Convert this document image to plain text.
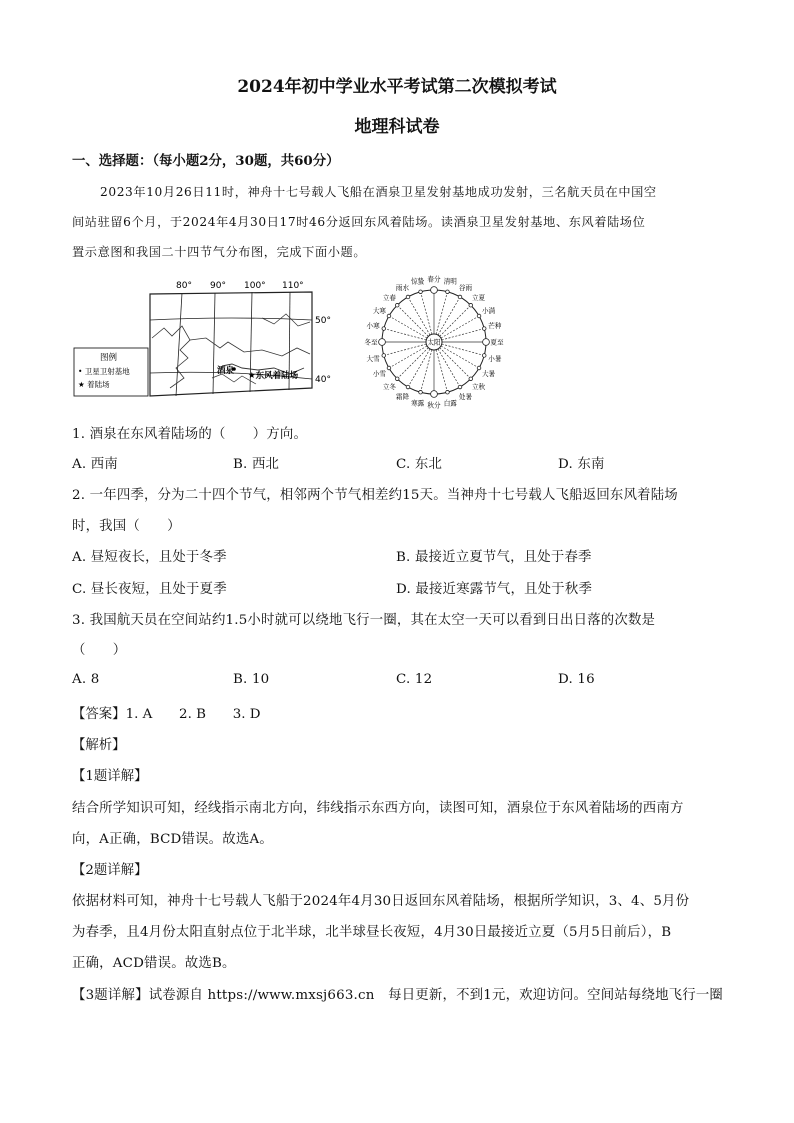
2024年初中学业水平考试第二次模拟考试
地理科试卷
一、选择题：（每小题2分，30题，共60分）
2023年10月26日11时，神舟十七号载人飞船在酒泉卫星发射基地成功发射，三名航天员在中国空
间站驻留6个月，于2024年4月30日17时46分返回东风着陆场。读酒泉卫星发射基地、东风着陆场位
置示意图和我国二十四节气分布图，完成下面小题。
80° 90° 100° 110°
50°
40°
图例
• 卫星卫射基地
★ 着陆场
酒泉 ★东风着陆场
春分 清明
谷雨
立夏
小满
芒种
夏至
小暑
大暑
立秋
处暑
白露
秋分
寒露
霜降
立冬
小雪
大雪
冬至
小寒
大寒
立春
雨水
惊蛰
太阳
1. 酒泉在东风着陆场的（　　）方向。
A. 西南	B. 西北	C. 东北	D. 东南
2. 一年四季，分为二十四个节气，相邻两个节气相差约15天。当神舟十七号载人飞船返回东风着陆场
时，我国（　　）
A. 昼短夜长，且处于冬季	B. 最接近立夏节气，且处于春季
C. 昼长夜短，且处于夏季	D. 最接近寒露节气，且处于秋季
3. 我国航天员在空间站约1.5小时就可以绕地飞行一圈，其在太空一天可以看到日出日落的次数是
（　　）
A. 8	B. 10	C. 12	D. 16
【答案】1. A　　2. B　　3. D
【解析】
【1题详解】
结合所学知识可知，经线指示南北方向，纬线指示东西方向，读图可知，酒泉位于东风着陆场的西南方
向，A正确，BCD错误。故选A。
【2题详解】
依据材料可知，神舟十七号载人飞船于2024年4月30日返回东风着陆场，根据所学知识，3、4、5月份
为春季，且4月份太阳直射点位于北半球，北半球昼长夜短，4月30日最接近立夏（5月5日前后），B
正确，ACD错误。故选B。
【3题详解】试卷源自 https://www.mxsj663.cn　每日更新，不到1元，欢迎访问。空间站每绕地飞行一圈
